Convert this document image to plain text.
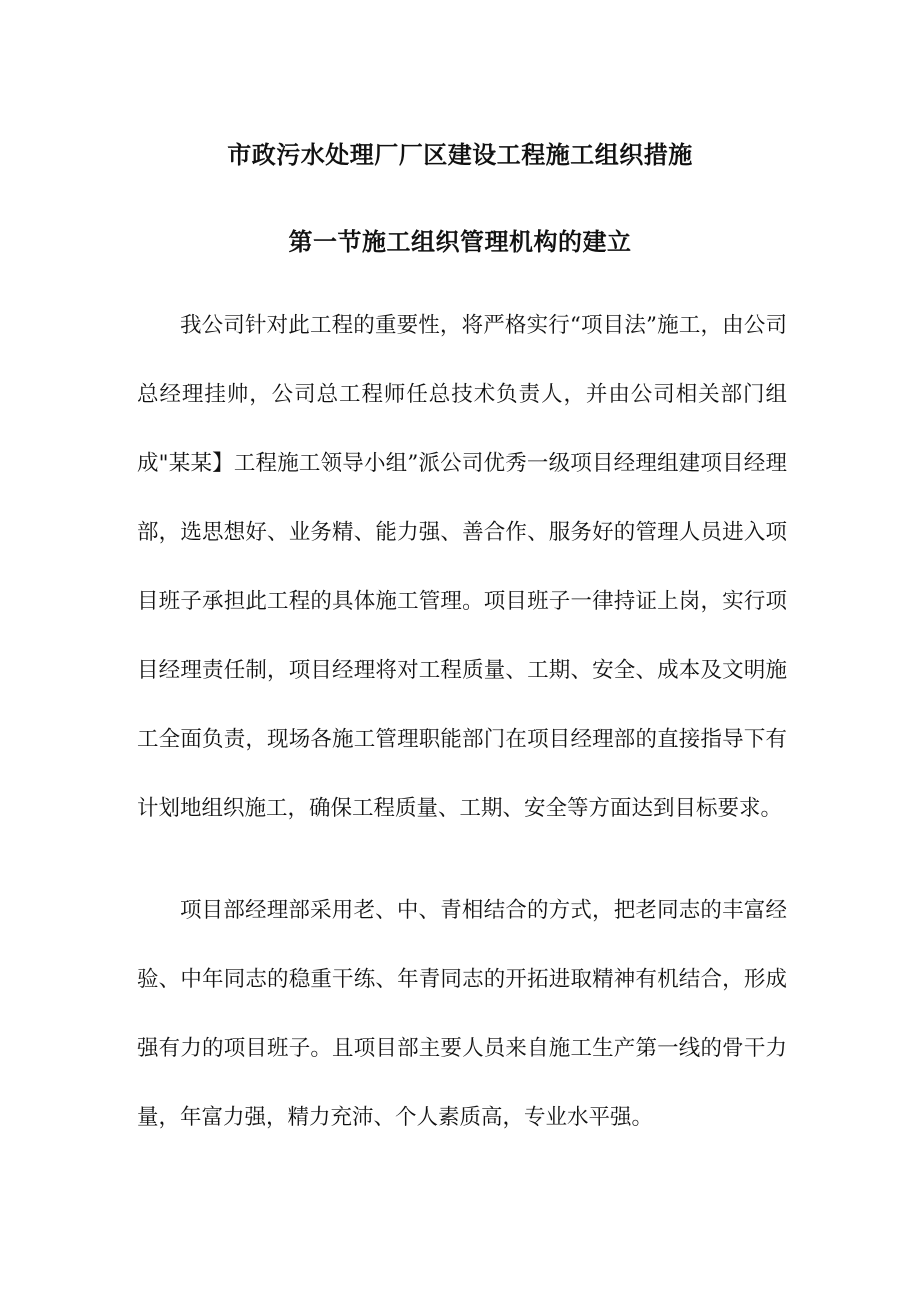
市政污水处理厂厂区建设工程施工组织措施
第一节施工组织管理机构的建立

我公司针对此工程的重要性，将严格实行“项目法”施工，由公司总经理挂帅，公司总工程师任总技术负责人，并由公司相关部门组成"某某】工程施工领导小组”派公司优秀一级项目经理组建项目经理部，选思想好、业务精、能力强、善合作、服务好的管理人员进入项目班子承担此工程的具体施工管理。项目班子一律持证上岗，实行项目经理责任制，项目经理将对工程质量、工期、安全、成本及文明施工全面负责，现场各施工管理职能部门在项目经理部的直接指导下有计划地组织施工，确保工程质量、工期、安全等方面达到目标要求。

项目部经理部采用老、中、青相结合的方式，把老同志的丰富经验、中年同志的稳重干练、年青同志的开拓进取精神有机结合，形成强有力的项目班子。且项目部主要人员来自施工生产第一线的骨干力量，年富力强，精力充沛、个人素质高，专业水平强。
